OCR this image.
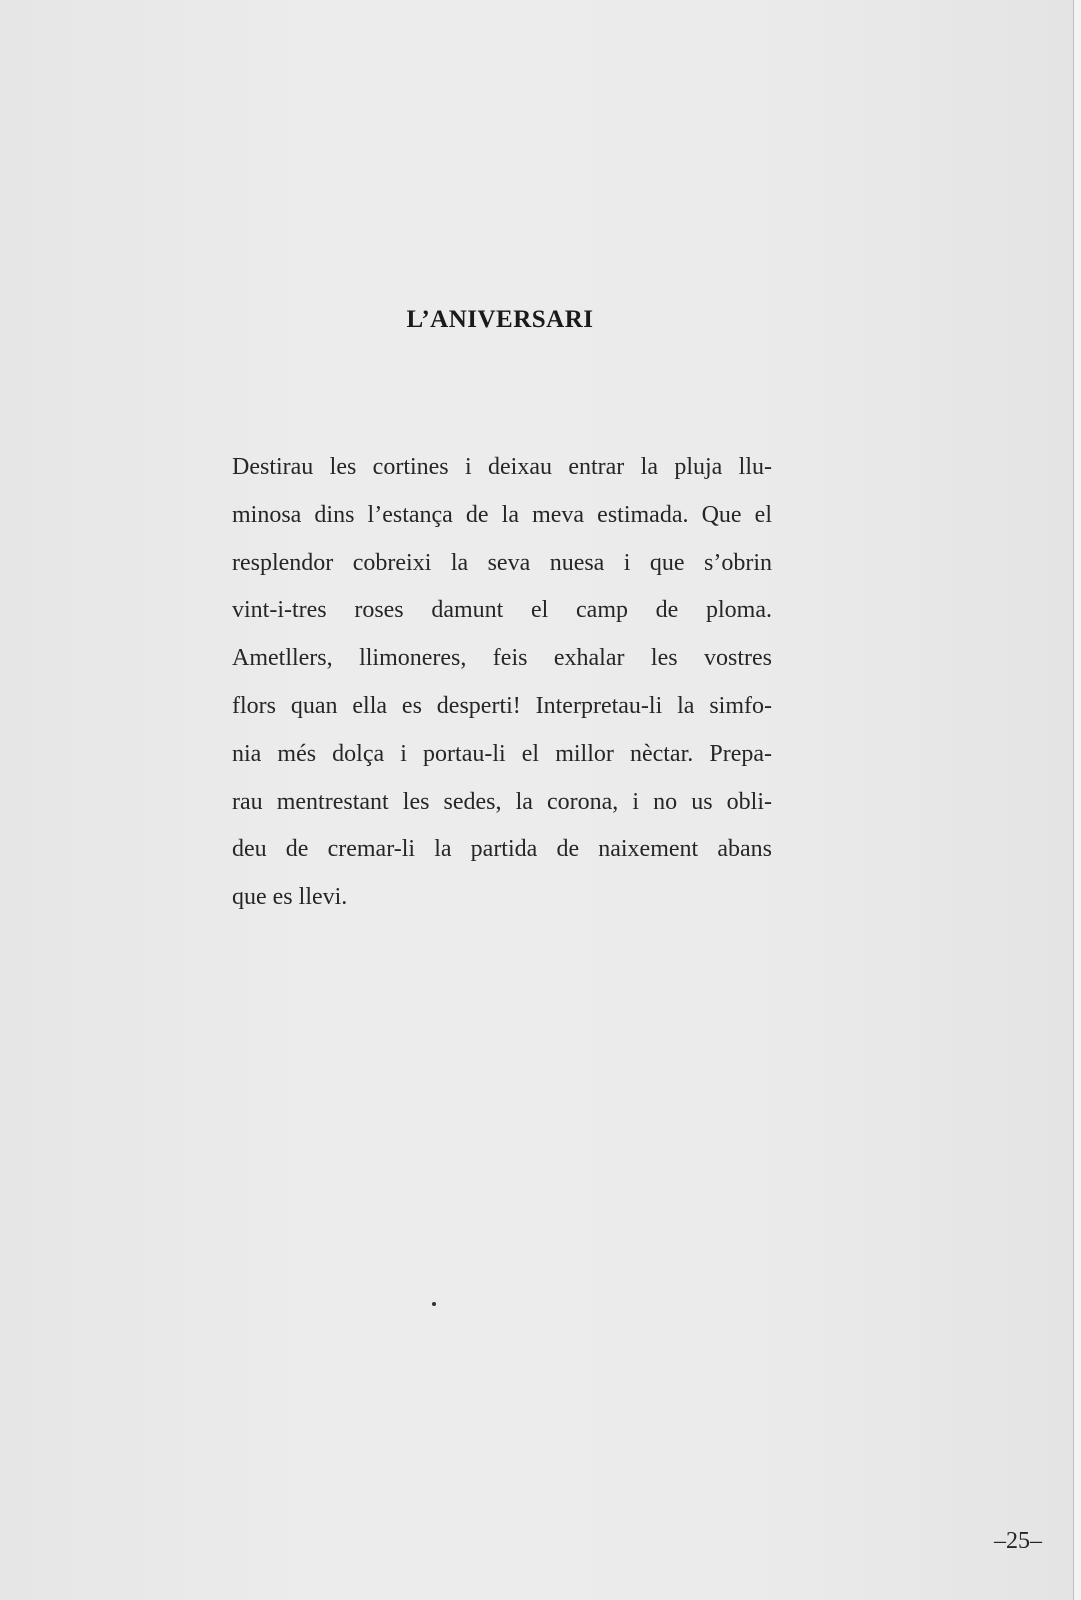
L’ANIVERSARI
Destirau les cortines i deixau entrar la pluja llu-
minosa dins l’estança de la meva estimada. Que el
resplendor cobreixi la seva nuesa i que s’obrin
vint-i-tres roses damunt el camp de ploma.
Ametllers, llimoneres, feis exhalar les vostres
flors quan ella es desperti! Interpretau-li la simfo-
nia més dolça i portau-li el millor nèctar. Prepa-
rau mentrestant les sedes, la corona, i no us obli-
deu de cremar-li la partida de naixement abans
que es llevi.
–25–
